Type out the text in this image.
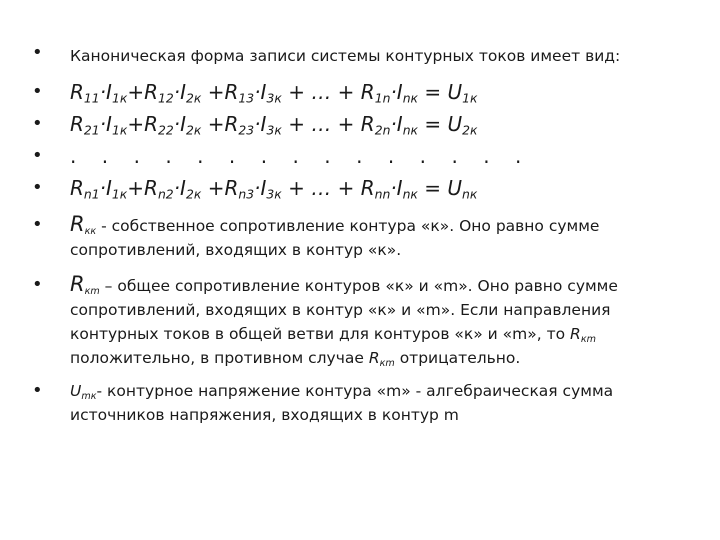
• Каноническая форма записи системы контурных токов имеет вид:
• $R_{11}\cdot I_{1к}+R_{12}\cdot I_{2к} +R_{13}\cdot I_{3к}$ + … + $R_{1n}\cdot I_{nк} = U_{1к}$
• $R_{21}\cdot I_{1к}+R_{22}\cdot I_{2к} +R_{23}\cdot I_{3к}$ + … + $R_{2n}\cdot I_{nк} = U_{2к}$
• .    .    .    .    .    .    .    .    .    .    .    .    .    .    .
• $R_{n1}\cdot I_{1к}+R_{n2}\cdot I_{2к} +R_{n3}\cdot I_{3к}$ + … + $R_{nn}\cdot I_{nк} = U_{nк}$
• $R_{кк}$ - собственное сопротивление контура «к». Оно равно сумме сопротивлений, входящих в контур «к».
• $R_{кm}$ – общее сопротивление контуров «к» и «m». Оно равно сумме сопротивлений, входящих в контур «к» и «m». Если направления контурных токов в общей ветви для контуров «к» и «m», то $R_{кm}$ положительно, в противном случае $R_{кm}$ отрицательно.
• $U_{mк}-$ контурное напряжение контура «m» - алгебраическая сумма источников напряжения, входящих в контур m
